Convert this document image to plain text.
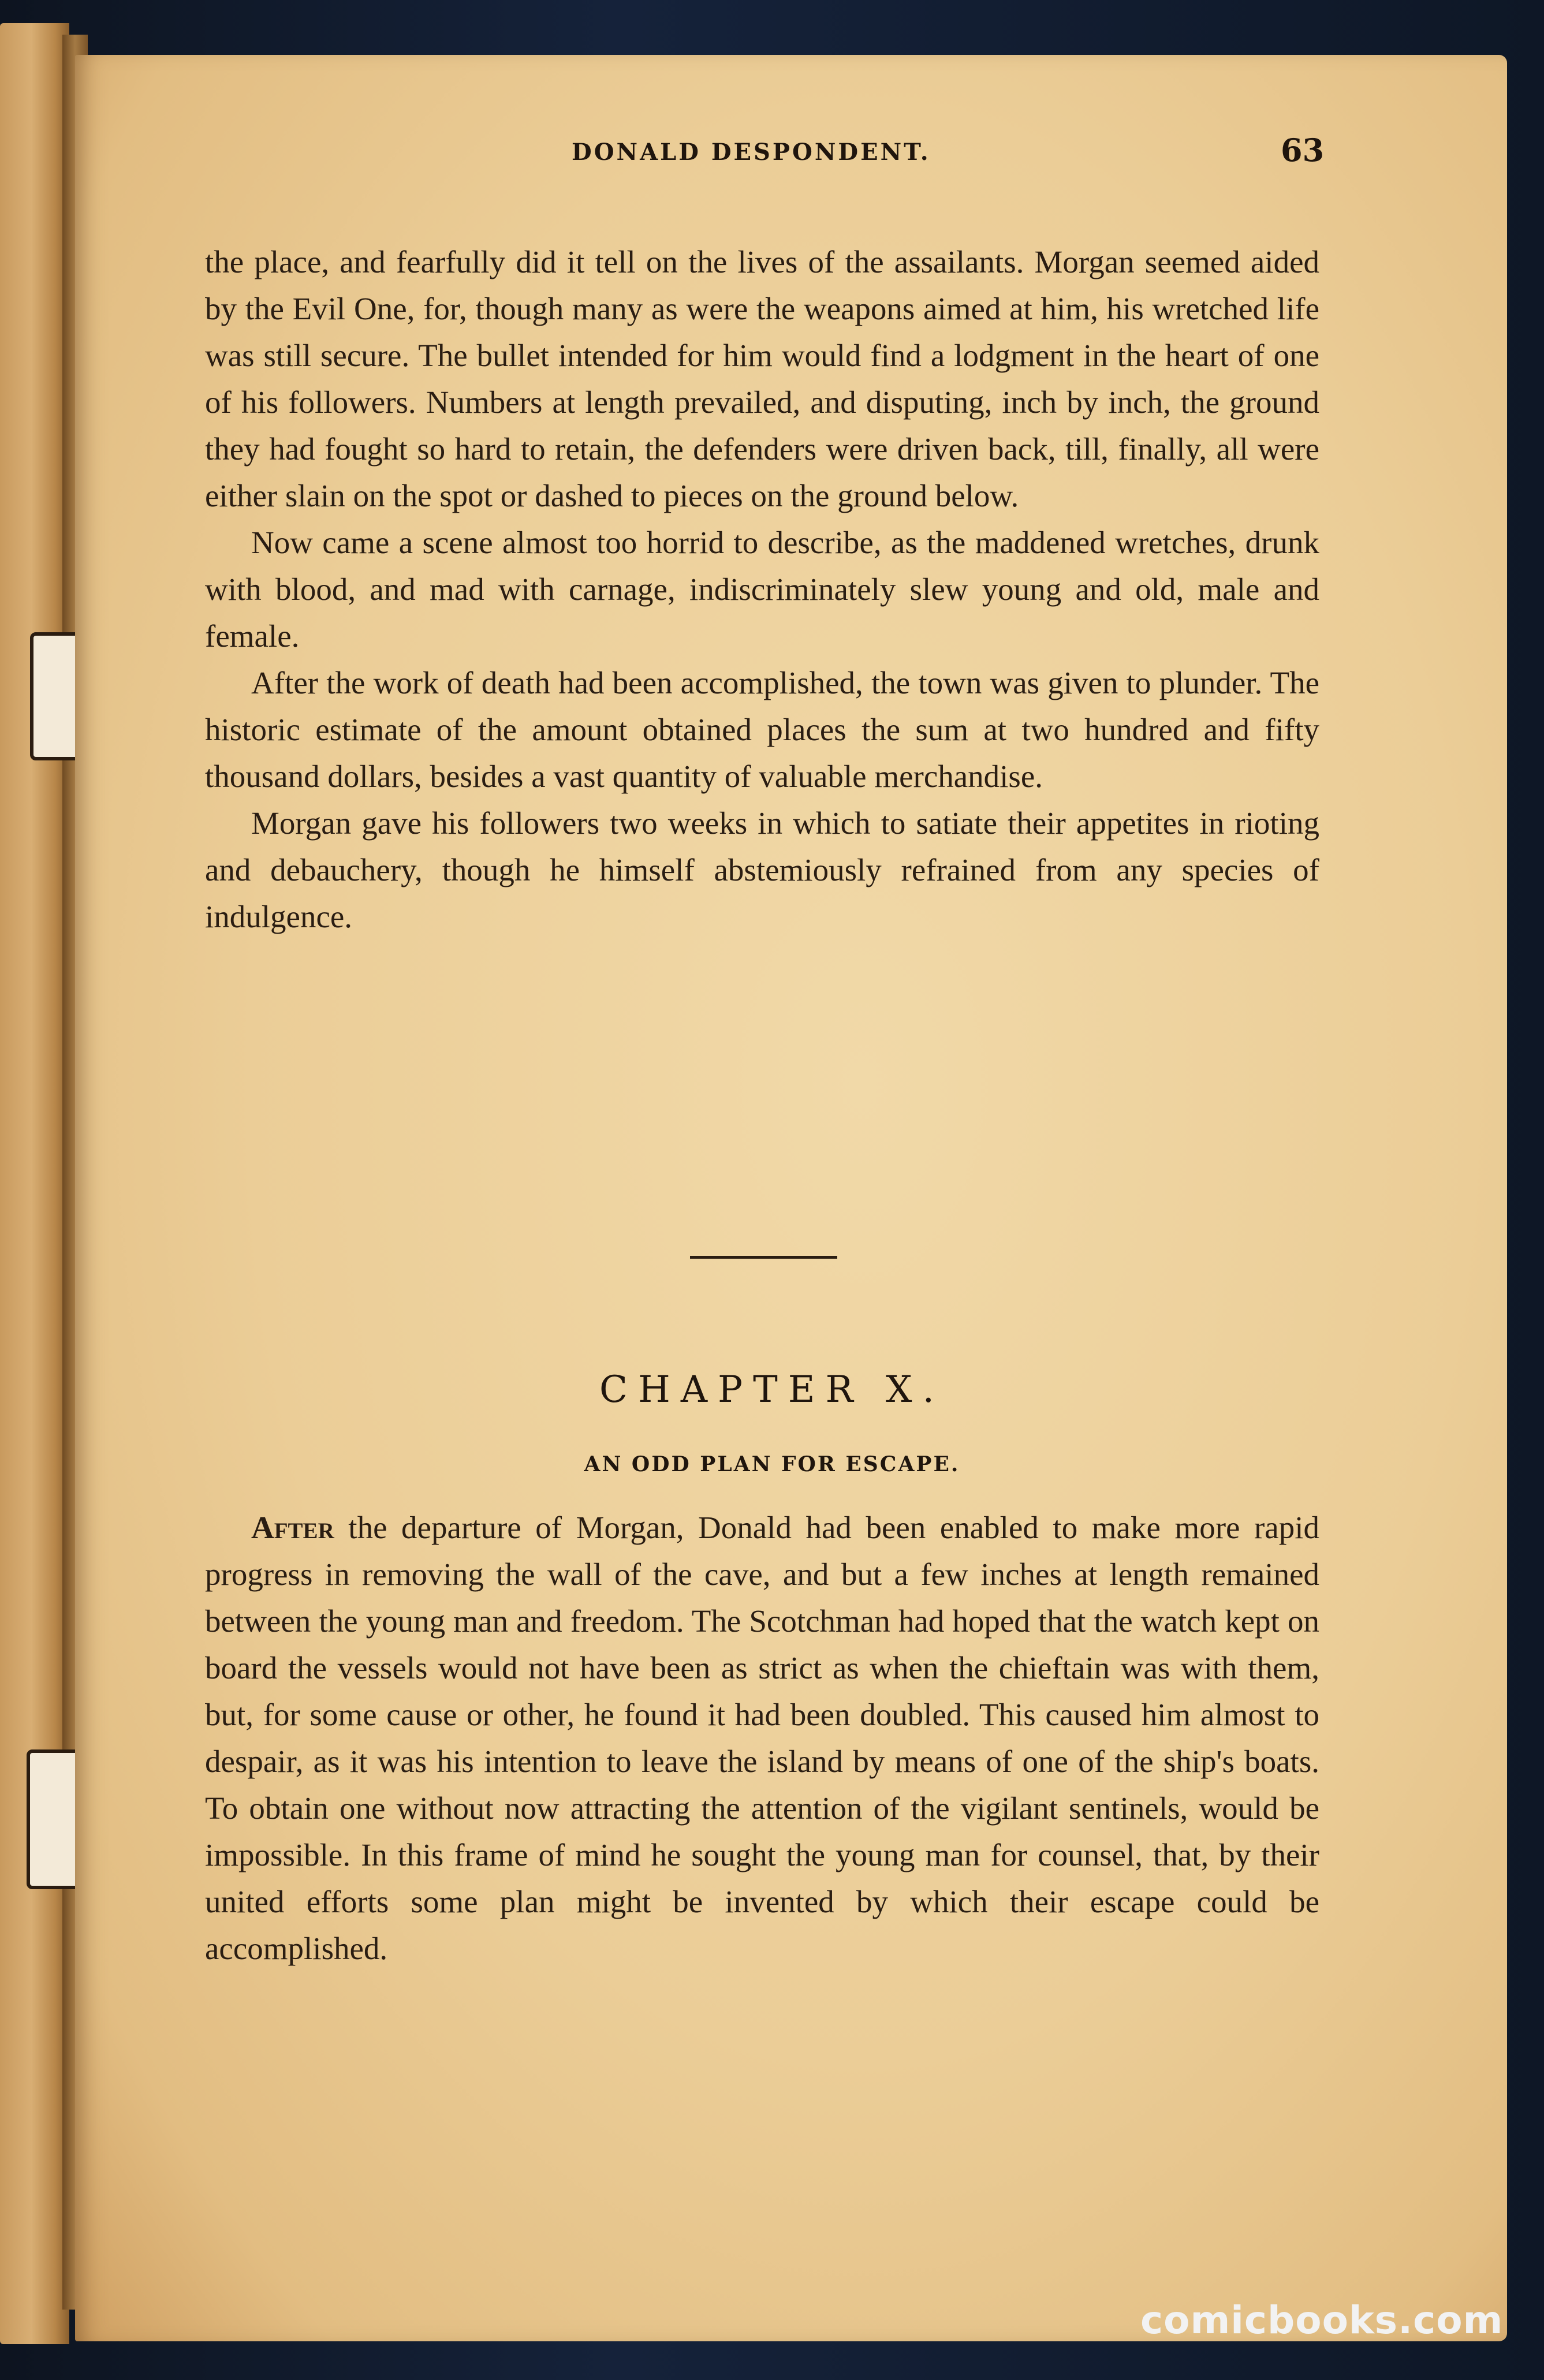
DONALD DESPONDENT.	63

the place, and fearfully did it tell on the lives of the assailants. Morgan seemed aided by the Evil One, for, though many as were the weapons aimed at him, his wretched life was still secure. The bullet intended for him would find a lodgment in the heart of one of his followers. Numbers at length prevailed, and disputing, inch by inch, the ground they had fought so hard to retain, the defenders were driven back, till, finally, all were either slain on the spot or dashed to pieces on the ground below.

Now came a scene almost too horrid to describe, as the maddened wretches, drunk with blood, and mad with carnage, indiscriminately slew young and old, male and female.

After the work of death had been accomplished, the town was given to plunder. The historic estimate of the amount obtained places the sum at two hundred and fifty thousand dollars, besides a vast quantity of valuable merchandise.

Morgan gave his followers two weeks in which to satiate their appetites in rioting and debauchery, though he himself abstemiously refrained from any species of indulgence.

CHAPTER X.
AN ODD PLAN FOR ESCAPE.

After the departure of Morgan, Donald had been enabled to make more rapid progress in removing the wall of the cave, and but a few inches at length remained between the young man and freedom. The Scotchman had hoped that the watch kept on board the vessels would not have been as strict as when the chieftain was with them, but, for some cause or other, he found it had been doubled. This caused him almost to despair, as it was his intention to leave the island by means of one of the ship's boats. To obtain one without now attracting the attention of the vigilant sentinels, would be impossible. In this frame of mind he sought the young man for counsel, that, by their united efforts some plan might be invented by which their escape could be accomplished.

comicbooks.com
